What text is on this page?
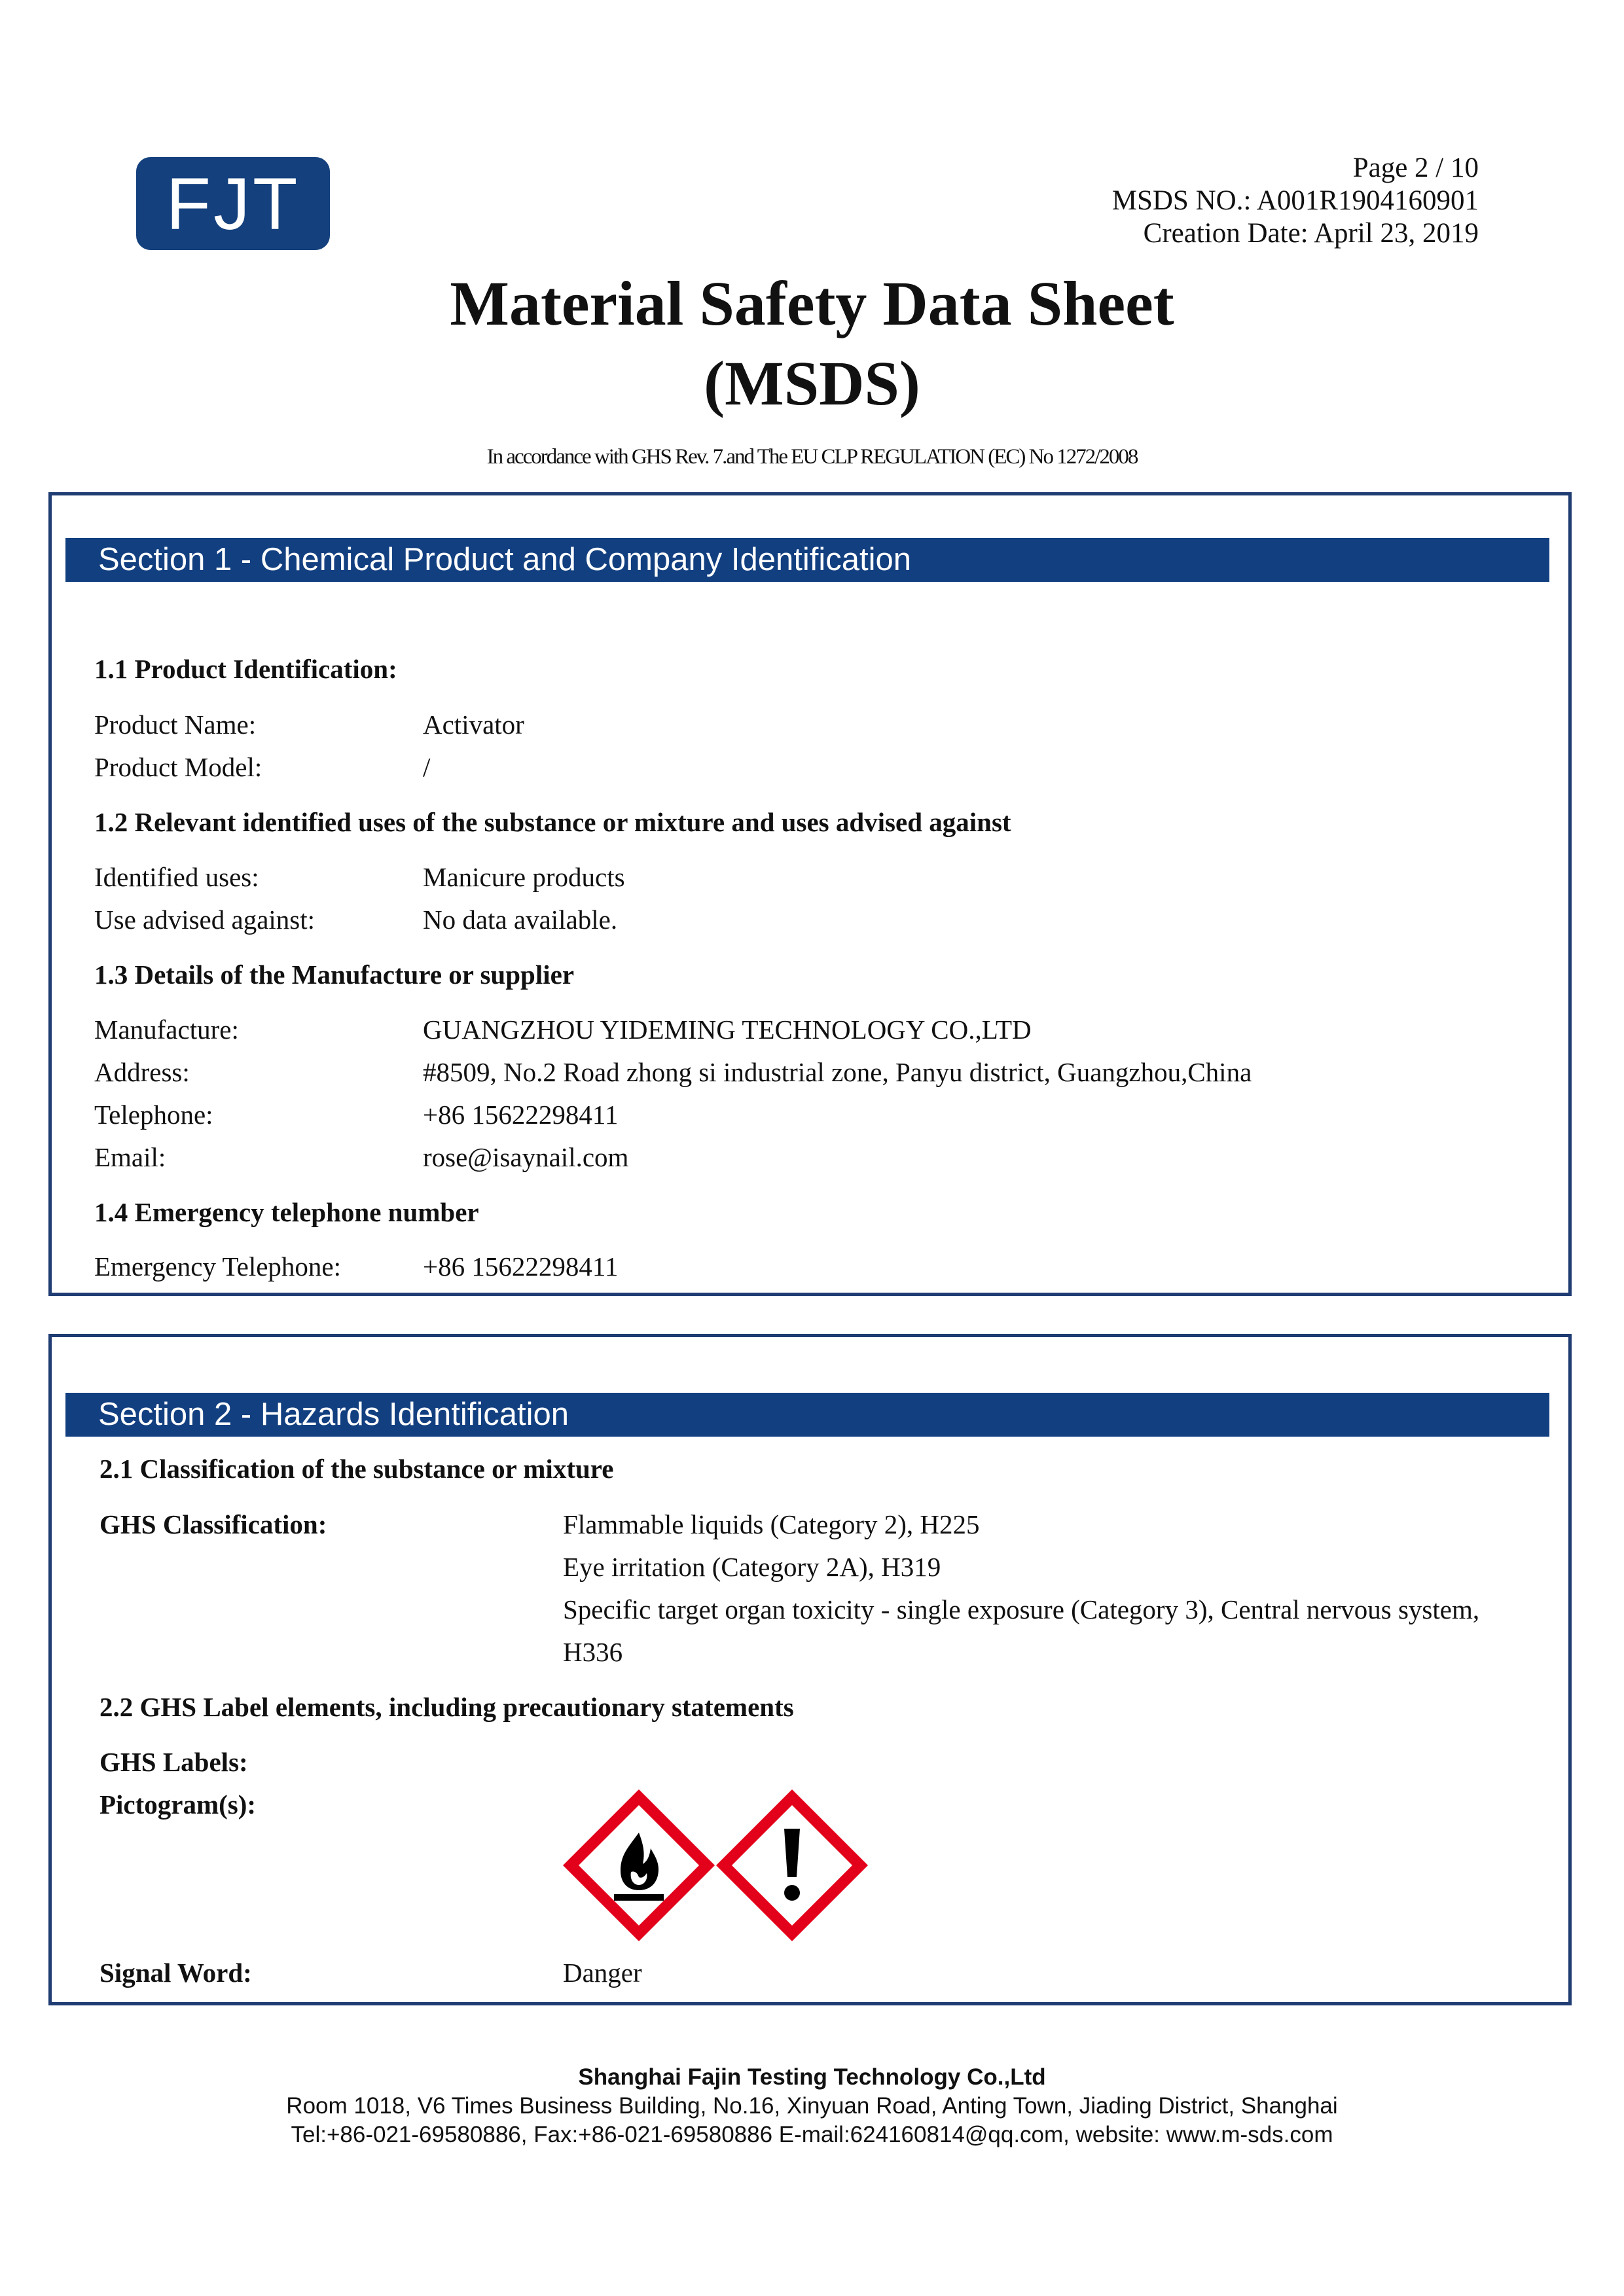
FJT	Page 2 / 10
MSDS NO.: A001R1904160901
Creation Date: April 23, 2019
Material Safety Data Sheet
(MSDS)
In accordance with GHS Rev. 7.and The EU CLP REGULATION (EC) No 1272/2008
Section 1 - Chemical Product and Company Identification
1.1 Product Identification:
Product Name:	Activator
Product Model:	/
1.2 Relevant identified uses of the substance or mixture and uses advised against
Identified uses:	Manicure products
Use advised against:	No data available.
1.3 Details of the Manufacture or supplier
Manufacture:	GUANGZHOU YIDEMING TECHNOLOGY CO.,LTD
Address:	#8509, No.2 Road zhong si industrial zone, Panyu district, Guangzhou,China
Telephone:	+86 15622298411
Email:	rose@isaynail.com
1.4 Emergency telephone number
Emergency Telephone:	+86 15622298411
Section 2 - Hazards Identification
2.1 Classification of the substance or mixture
GHS Classification:	Flammable liquids (Category 2), H225
Eye irritation (Category 2A), H319
Specific target organ toxicity - single exposure (Category 3), Central nervous system,
H336
2.2 GHS Label elements, including precautionary statements
GHS Labels:
Pictogram(s):
Signal Word:	Danger
Shanghai Fajin Testing Technology Co.,Ltd
Room 1018, V6 Times Business Building, No.16, Xinyuan Road, Anting Town, Jiading District, Shanghai
Tel:+86-021-69580886, Fax:+86-021-69580886 E-mail:624160814@qq.com, website: www.m-sds.com
